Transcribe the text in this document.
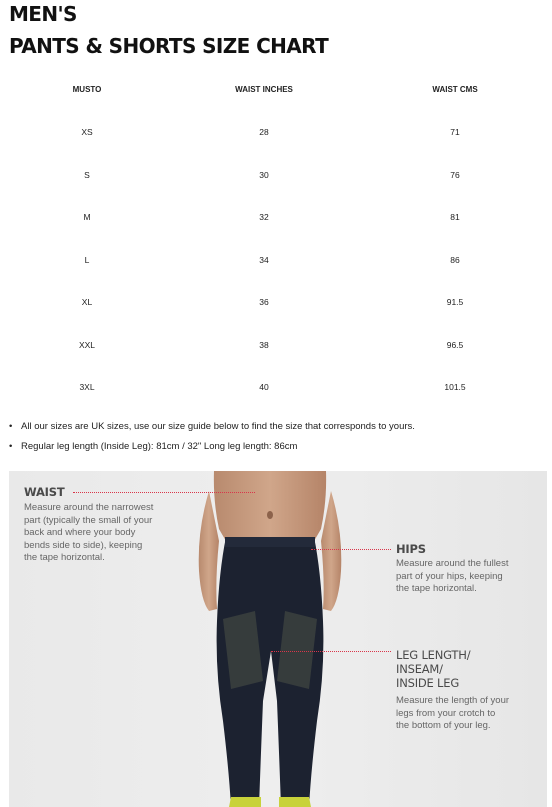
MEN'S
PANTS & SHORTS SIZE CHART
MUSTO	WAIST INCHES	WAIST CMS
XS	28	71
S	30	76
M	32	81
L	34	86
XL	36	91.5
XXL	38	96.5
3XL	40	101.5
• All our sizes are UK sizes, use our size guide below to find the size that corresponds to yours.
• Regular leg length (Inside Leg): 81cm / 32" Long leg length: 86cm
WAIST
Measure around the narrowest
part (typically the small of your
back and where your body
bends side to side), keeping
the tape horizontal.
HIPS
Measure around the fullest
part of your hips, keeping
the tape horizontal.
LEG LENGTH/
INSEAM/
INSIDE LEG
Measure the length of your
legs from your crotch to
the bottom of your leg.
